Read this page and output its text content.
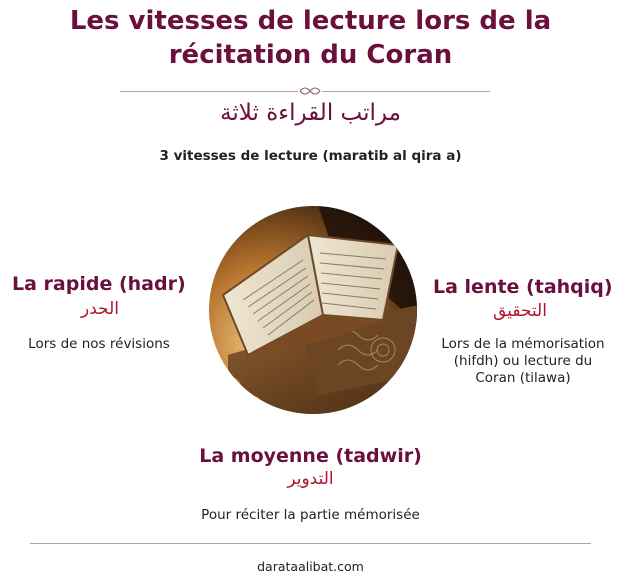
Les vitesses de lecture lors de la
récitation du Coran
مراتب القراءة ثلاثة
3 vitesses de lecture (maratib al qira a)
La rapide (hadr)
الحدر
Lors de nos révisions
La lente (tahqiq)
التحقيق
Lors de la mémorisation
(hifdh) ou lecture du
Coran (tilawa)
La moyenne (tadwir)
التدوير
Pour réciter la partie mémorisée
darataalibat.com
